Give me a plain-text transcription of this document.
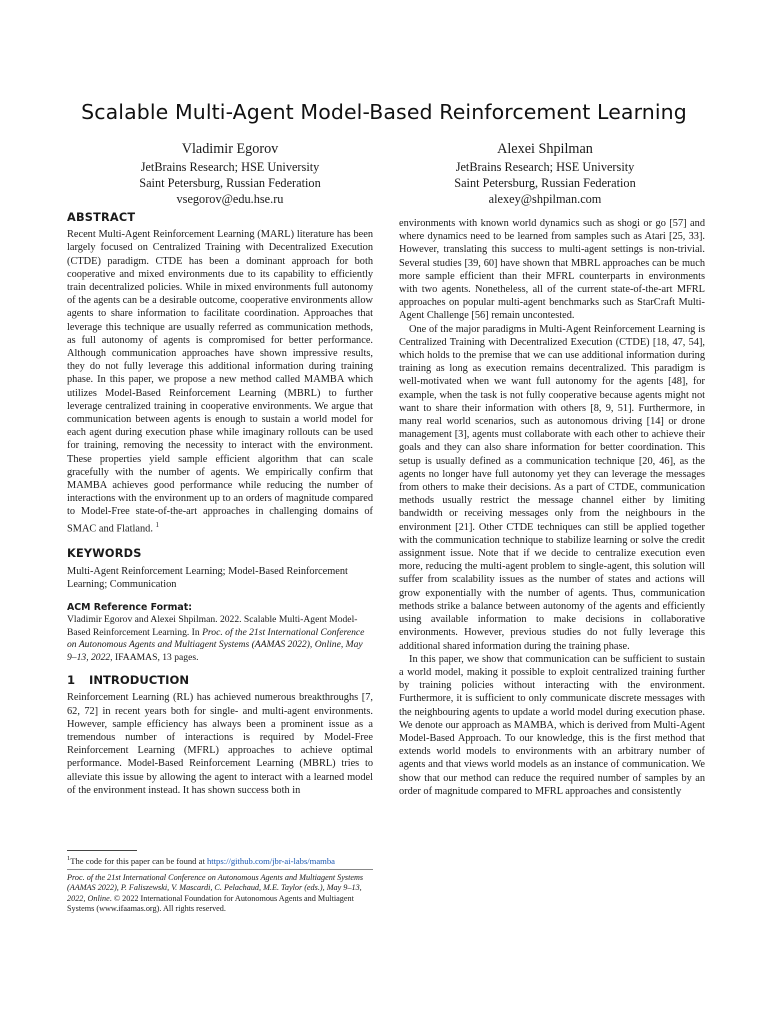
Scalable Multi-Agent Model-Based Reinforcement Learning
Vladimir Egorov
JetBrains Research; HSE University
Saint Petersburg, Russian Federation
vsegorov@edu.hse.ru
Alexei Shpilman
JetBrains Research; HSE University
Saint Petersburg, Russian Federation
alexey@shpilman.com
ABSTRACT

Recent Multi-Agent Reinforcement Learning (MARL) literature has been largely focused on Centralized Training with Decentralized Execution (CTDE) paradigm. CTDE has been a dominant approach for both cooperative and mixed environments due to its capability to efficiently train decentralized policies. While in mixed environments full autonomy of the agents can be a desirable outcome, cooperative environments allow agents to share information to facilitate coordination. Approaches that leverage this technique are usually referred as communication methods, as full autonomy of agents is compromised for better performance. Although communication approaches have shown impressive results, they do not fully leverage this additional information during training phase. In this paper, we propose a new method called MAMBA which utilizes Model-Based Reinforcement Learning (MBRL) to further leverage centralized training in cooperative environments. We argue that communication between agents is enough to sustain a world model for each agent during execution phase while imaginary rollouts can be used for training, removing the necessity to interact with the environment. These properties yield sample efficient algorithm that can scale gracefully with the number of agents. We empirically confirm that MAMBA achieves good performance while reducing the number of interactions with the environment up to an orders of magnitude compared to Model-Free state-of-the-art approaches in challenging domains of SMAC and Flatland. $^1$

KEYWORDS

Multi-Agent Reinforcement Learning; Model-Based Reinforcement Learning; Communication

ACM Reference Format:
Vladimir Egorov and Alexei Shpilman. 2022. Scalable Multi-Agent Model-Based Reinforcement Learning. In Proc. of the 21st International Conference on Autonomous Agents and Multiagent Systems (AAMAS 2022), Online, May 9–13, 2022, IFAAMAS, 13 pages.
1 INTRODUCTION

Reinforcement Learning (RL) has achieved numerous breakthroughs [7, 62, 72] in recent years both for single- and multi-agent environments. However, sample efficiency has always been a prominent issue as a tremendous number of interactions is required by Model-Free Reinforcement Learning (MFRL) approaches to achieve optimal performance. Model-Based Reinforcement Learning (MBRL) tries to alleviate this issue by allowing the agent to interact with a learned model of the environment instead. It has shown success both in

environments with known world dynamics such as shogi or go [57] and where dynamics need to be learned from samples such as Atari [25, 33]. However, translating this success to multi-agent settings is non-trivial. Several studies [39, 60] have shown that MBRL approaches can be much more sample efficient than their MFRL counterparts in environments with two agents. Nonetheless, all of the current state-of-the-art MFRL approaches on popular multi-agent benchmarks such as StarCraft Multi-Agent Challenge [56] remain uncontested.

One of the major paradigms in Multi-Agent Reinforcement Learning is Centralized Training with Decentralized Execution (CTDE) [18, 47, 54], which holds to the premise that we can use additional information during training as long as execution remains decentralized. This paradigm is well-motivated when we want full autonomy for the agents [48], for example, when the task is not fully cooperative because agents might not want to share their information with others [8, 9, 51]. Furthermore, in many real world scenarios, such as autonomous driving [14] or drone management [3], agents must collaborate with each other to achieve their goals and they can also share information for better coordination. This setup is usually defined as a communication technique [20, 46], as the agents no longer have full autonomy yet they can leverage the messages from others to make their decisions. As a part of CTDE, communication methods usually restrict the message channel either by limiting bandwidth or receiving messages only from the neighbours in the environment [21]. Other CTDE techniques can still be applied together with the communication technique to stabilize learning or solve the credit assignment issue. Note that if we decide to centralize execution even more, reducing the multi-agent problem to single-agent, this solution will suffer from scalability issues as the number of states and actions will grow exponentially with the number of agents. Thus, communication methods strike a balance between autonomy of the agents and efficiently using available information to make decisions in collaborative environments. However, previous studies do not fully leverage this additional shared information during the training phase.

In this paper, we show that communication can be sufficient to sustain a world model, making it possible to exploit centralized training further by training policies without interacting with the environment. Furthermore, it is sufficient to only communicate discrete messages with the neighbouring agents to update a world model during execution phase. We denote our approach as MAMBA, which is derived from Multi-Agent Model-Based Approach. To our knowledge, this is the first method that extends world models to environments with an arbitrary number of agents and that views world models as an instance of communication. We show that our method can reduce the required number of samples by an order of magnitude compared to MFRL approaches and consistently

$^1$The code for this paper can be found at https://github.com/jbr-ai-labs/mamba
Proc. of the 21st International Conference on Autonomous Agents and Multiagent Systems (AAMAS 2022), P. Faliszewski, V. Mascardi, C. Pelachaud, M.E. Taylor (eds.), May 9–13, 2022, Online. © 2022 International Foundation for Autonomous Agents and Multiagent Systems (www.ifaamas.org). All rights reserved.
